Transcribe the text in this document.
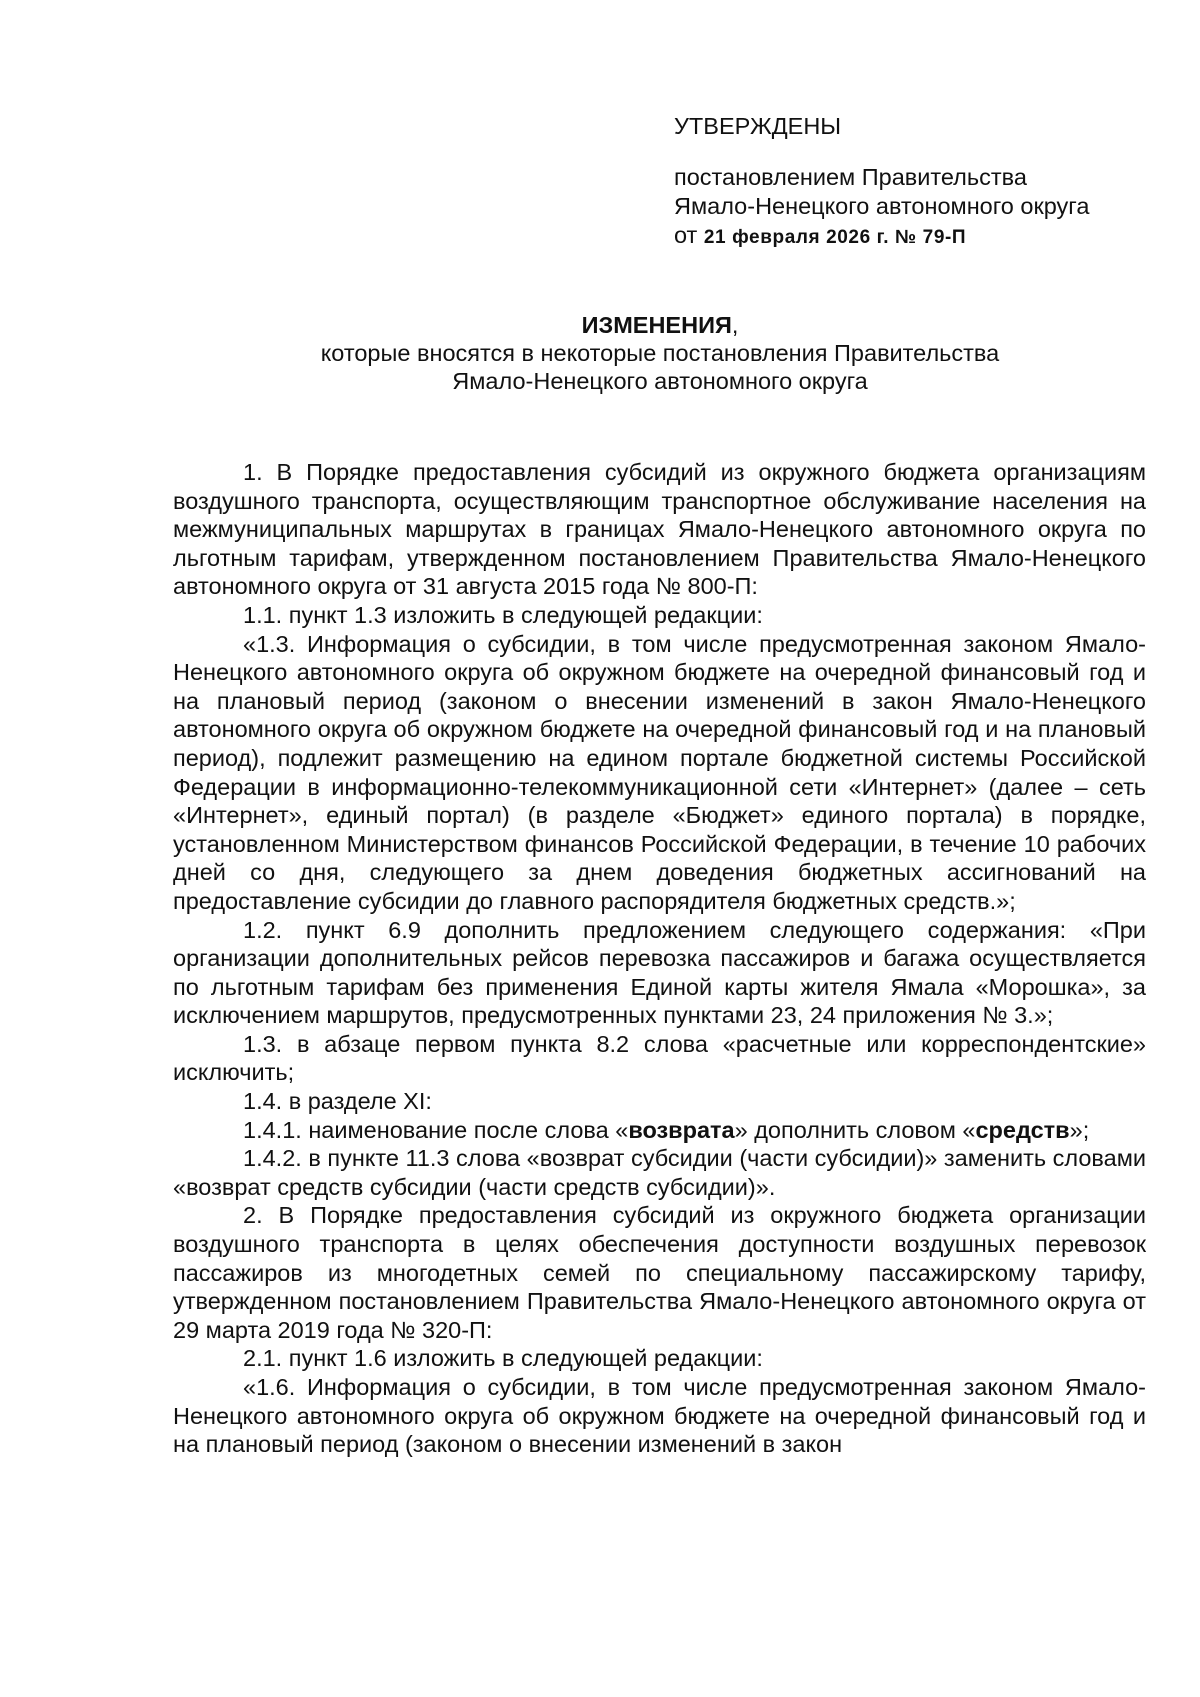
УТВЕРЖДЕНЫ
постановлением Правительства
Ямало-Ненецкого автономного округа
от 21 февраля 2026 г. № 79-П
ИЗМЕНЕНИЯ,
которые вносятся в некоторые постановления Правительства
Ямало-Ненецкого автономного округа

1. В Порядке предоставления субсидий из окружного бюджета организациям воздушного транспорта, осуществляющим транспортное обслуживание населения на межмуниципальных маршрутах в границах Ямало-Ненецкого автономного округа по льготным тарифам, утвержденном постановлением Правительства Ямало-Ненецкого автономного округа от 31 августа 2015 года № 800-П:

1.1. пункт 1.3 изложить в следующей редакции:

«1.3. Информация о субсидии, в том числе предусмотренная законом Ямало-Ненецкого автономного округа об окружном бюджете на очередной финансовый год и на плановый период (законом о внесении изменений в закон Ямало-Ненецкого автономного округа об окружном бюджете на очередной финансовый год и на плановый период), подлежит размещению на едином портале бюджетной системы Российской Федерации в информационно-телекоммуникационной сети «Интернет» (далее – сеть «Интернет», единый портал) (в разделе «Бюджет» единого портала) в порядке, установленном Министерством финансов Российской Федерации, в течение 10 рабочих дней со дня, следующего за днем доведения бюджетных ассигнований на предоставление субсидии до главного распорядителя бюджетных средств.»;

1.2. пункт 6.9 дополнить предложением следующего содержания: «При организации дополнительных рейсов перевозка пассажиров и багажа осуществляется по льготным тарифам без применения Единой карты жителя Ямала «Морошка», за исключением маршрутов, предусмотренных пунктами 23, 24 приложения № 3.»;

1.3. в абзаце первом пункта 8.2 слова «расчетные или корреспондентские» исключить;

1.4. в разделе XI:

1.4.1. наименование после слова «возврата» дополнить словом «средств»;

1.4.2. в пункте 11.3 слова «возврат субсидии (части субсидии)» заменить словами «возврат средств субсидии (части средств субсидии)».

2. В Порядке предоставления субсидий из окружного бюджета организации воздушного транспорта в целях обеспечения доступности воздушных перевозок пассажиров из многодетных семей по специальному пассажирскому тарифу, утвержденном постановлением Правительства Ямало-Ненецкого автономного округа от 29 марта 2019 года № 320-П:

2.1. пункт 1.6 изложить в следующей редакции:

«1.6. Информация о субсидии, в том числе предусмотренная законом Ямало-Ненецкого автономного округа об окружном бюджете на очередной финансовый год и на плановый период (законом о внесении изменений в закон
